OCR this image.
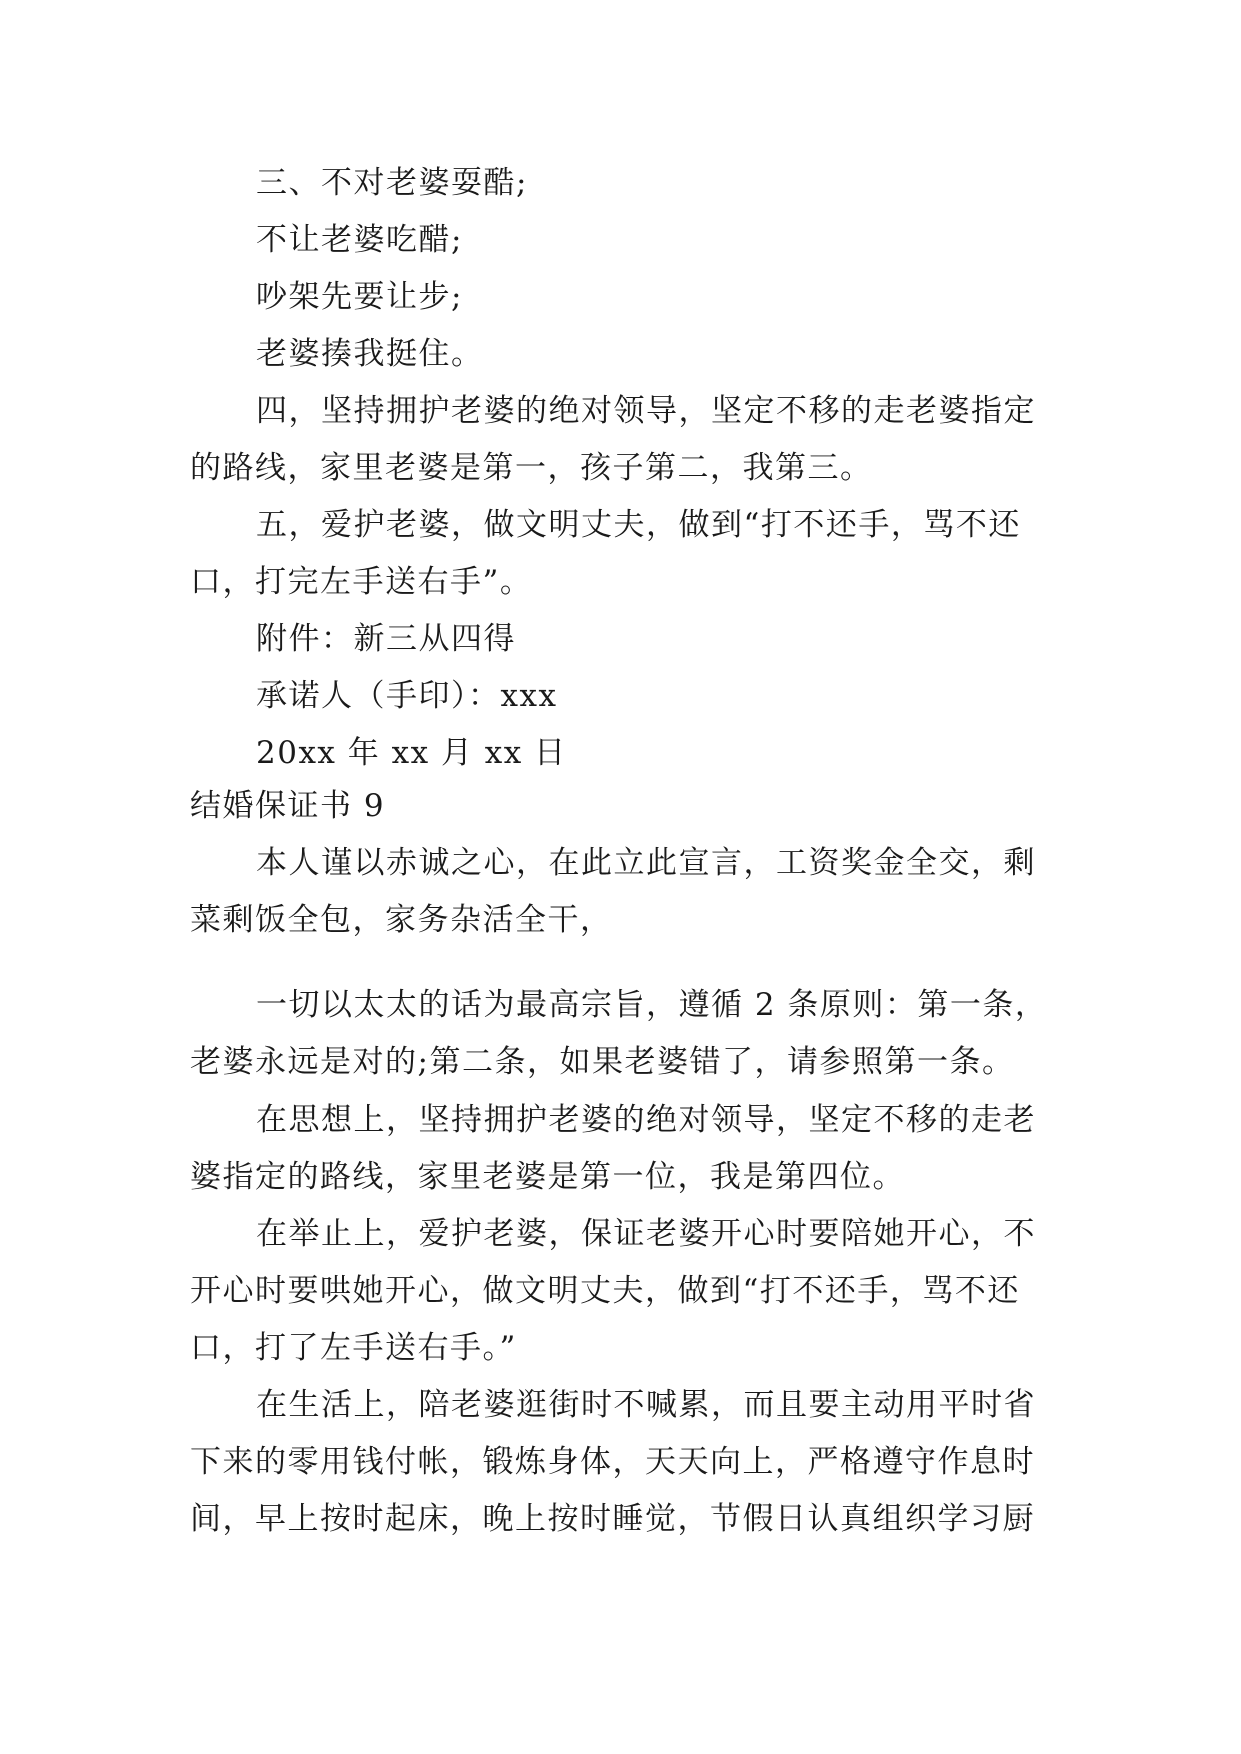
三、不对老婆耍酷;
不让老婆吃醋;
吵架先要让步;
老婆揍我挺住。
四，坚持拥护老婆的绝对领导，坚定不移的走老婆指定
的路线，家里老婆是第一，孩子第二，我第三。
五，爱护老婆，做文明丈夫，做到“打不还手，骂不还
口，打完左手送右手”。
附件：新三从四得
承诺人（手印）：xxx
20xx 年 xx 月 xx 日
结婚保证书 9
本人谨以赤诚之心，在此立此宣言，工资奖金全交，剩
菜剩饭全包，家务杂活全干，
一切以太太的话为最高宗旨，遵循 2 条原则：第一条，
老婆永远是对的;第二条，如果老婆错了，请参照第一条。
在思想上，坚持拥护老婆的绝对领导，坚定不移的走老
婆指定的路线，家里老婆是第一位，我是第四位。
在举止上，爱护老婆，保证老婆开心时要陪她开心，不
开心时要哄她开心，做文明丈夫，做到“打不还手，骂不还
口，打了左手送右手。”
在生活上，陪老婆逛街时不喊累，而且要主动用平时省
下来的零用钱付帐，锻炼身体，天天向上，严格遵守作息时
间，早上按时起床，晚上按时睡觉，节假日认真组织学习厨
